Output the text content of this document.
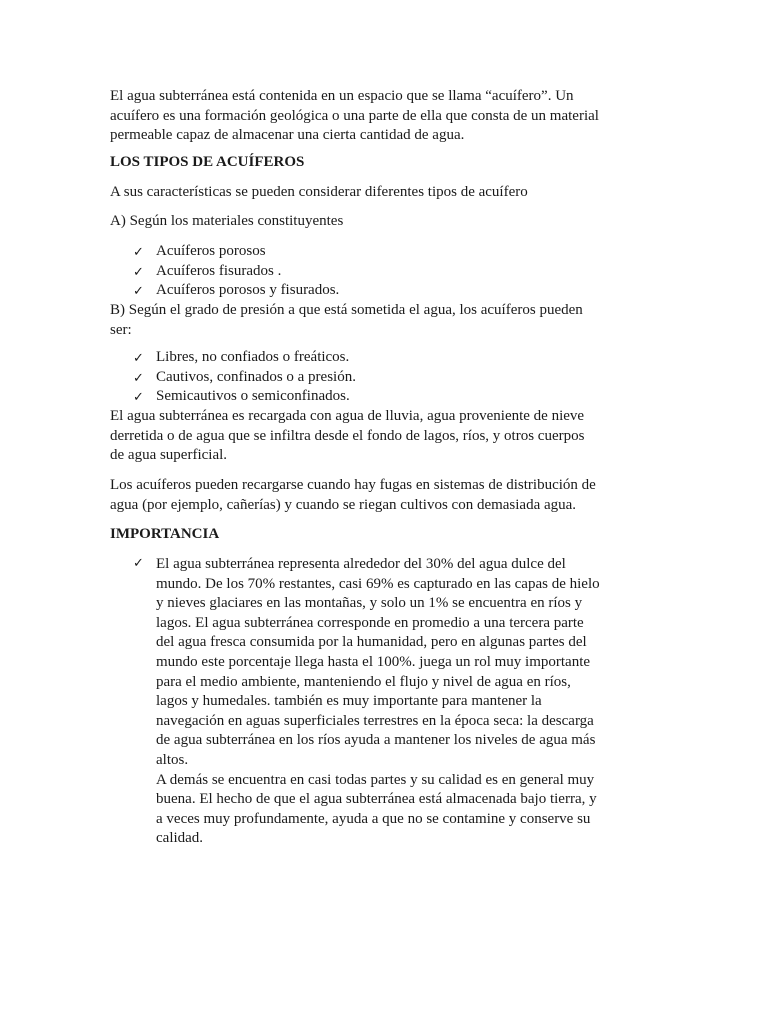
El agua subterránea está contenida en un espacio que se llama “acuífero”. Un
acuífero es una formación geológica o una parte de ella que consta de un material
permeable capaz de almacenar una cierta cantidad de agua.
LOS TIPOS DE ACUÍFEROS
A sus características se pueden considerar diferentes tipos de acuífero
A) Según los materiales constituyentes
✓ Acuíferos porosos
✓ Acuíferos fisurados .
✓ Acuíferos porosos y fisurados.
B) Según el grado de presión a que está sometida el agua, los acuíferos pueden
ser:
✓ Libres, no confiados o freáticos.
✓ Cautivos, confinados o a presión.
✓ Semicautivos o semiconfinados.
El agua subterránea es recargada con agua de lluvia, agua proveniente de nieve
derretida o de agua que se infiltra desde el fondo de lagos, ríos, y otros cuerpos
de agua superficial.
Los acuíferos pueden recargarse cuando hay fugas en sistemas de distribución de
agua (por ejemplo, cañerías) y cuando se riegan cultivos con demasiada agua.
IMPORTANCIA
✓ El agua subterránea representa alrededor del 30% del agua dulce del
mundo. De los 70% restantes, casi 69% es capturado en las capas de hielo
y nieves glaciares en las montañas, y solo un 1% se encuentra en ríos y
lagos. El agua subterránea corresponde en promedio a una tercera parte
del agua fresca consumida por la humanidad, pero en algunas partes del
mundo este porcentaje llega hasta el 100%. juega un rol muy importante
para el medio ambiente, manteniendo el flujo y nivel de agua en ríos,
lagos y humedales. también es muy importante para mantener la
navegación en aguas superficiales terrestres en la época seca: la descarga
de agua subterránea en los ríos ayuda a mantener los niveles de agua más
altos.
A demás se encuentra en casi todas partes y su calidad es en general muy
buena. El hecho de que el agua subterránea está almacenada bajo tierra, y
a veces muy profundamente, ayuda a que no se contamine y conserve su
calidad.
